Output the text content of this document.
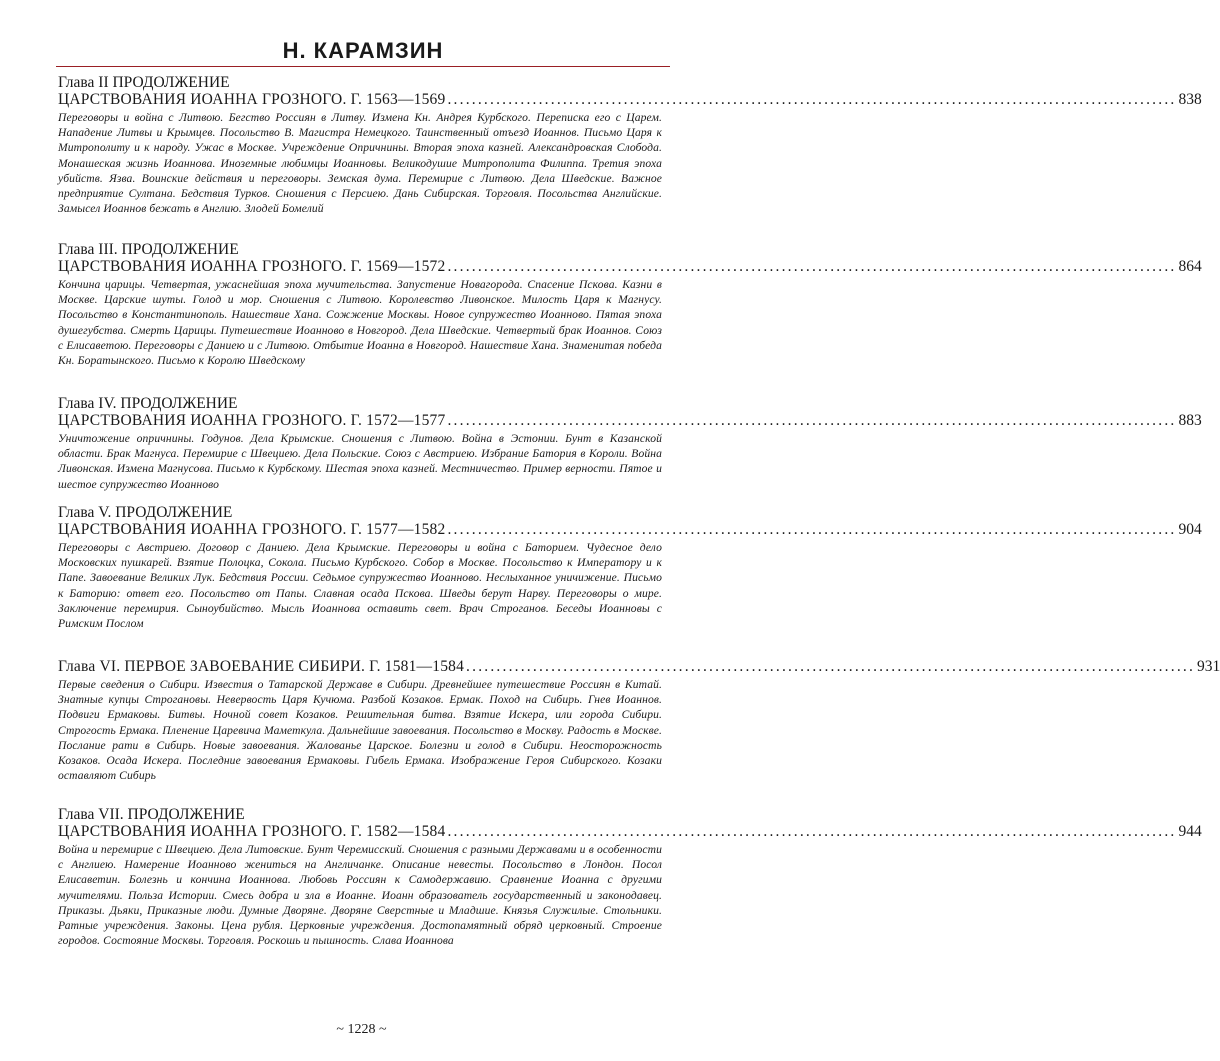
Н. КАРАМЗИН
Глава II ПРОДОЛЖЕНИЕ
ЦАРСТВОВАНИЯ ИОАННА ГРОЗНОГО. Г. 1563—1569 ........................................................................................................................ 838
Переговоры и война с Литвою. Бегство Россиян в Литву. Измена Кн. Андрея Курбского. Переписка его с Царем. Нападение Литвы и Крымцев. Посольство В. Магистра Немецкого. Таинственный отъезд Иоаннов. Письмо Царя к Митрополиту и к народу. Ужас в Москве. Учреждение Опричнины. Вторая эпоха казней. Александровская Слобода. Монашеская жизнь Иоаннова. Иноземные любимцы Иоанновы. Великодушие Митрополита Филиппа. Третия эпоха убийств. Язва. Воинские действия и переговоры. Земская дума. Перемирие с Литвою. Дела Шведские. Важное предприятие Султана. Бедствия Турков. Сношения с Персиею. Дань Сибирская. Торговля. Посольства Английские. Замысел Иоаннов бежать в Англию. Злодей Бомелий
Глава III. ПРОДОЛЖЕНИЕ
ЦАРСТВОВАНИЯ ИОАННА ГРОЗНОГО. Г. 1569—1572 ........................................................................................................................ 864
Кончина царицы. Четвертая, ужаснейшая эпоха мучительства. Запустение Новагорода. Спасение Пскова. Казни в Москве. Царские шуты. Голод и мор. Сношения с Литвою. Королевство Ливонское. Милость Царя к Магнусу. Посольство в Константинополь. Нашествие Хана. Сожжение Москвы. Новое супружество Иоанново. Пятая эпоха душегубства. Смерть Царицы. Путешествие Иоанново в Новгород. Дела Шведские. Четвертый брак Иоаннов. Союз с Елисаветою. Переговоры с Даниею и с Литвою. Отбытие Иоанна в Новгород. Нашествие Хана. Знаменитая победа Кн. Боратынского. Письмо к Королю Шведскому
Глава IV. ПРОДОЛЖЕНИЕ
ЦАРСТВОВАНИЯ ИОАННА ГРОЗНОГО. Г. 1572—1577 ........................................................................................................................ 883
Уничтожение опричнины. Годунов. Дела Крымские. Сношения с Литвою. Война в Эстонии. Бунт в Казанской области. Брак Магнуса. Перемирие с Швециею. Дела Польские. Союз с Австриею. Избрание Батория в Короли. Война Ливонская. Измена Магнусова. Письмо к Курбскому. Шестая эпоха казней. Местничество. Пример верности. Пятое и шестое супружество Иоанново
Глава V. ПРОДОЛЖЕНИЕ
ЦАРСТВОВАНИЯ ИОАННА ГРОЗНОГО. Г. 1577—1582 ........................................................................................................................ 904
Переговоры с Австриею. Договор с Даниею. Дела Крымские. Переговоры и война с Баторием. Чудесное дело Московских пушкарей. Взятие Полоцка, Сокола. Письмо Курбского. Собор в Москве. Посольство к Императору и к Папе. Завоевание Великих Лук. Бедствия России. Седьмое супружество Иоанново. Неслыханное уничижение. Письмо к Баторию: ответ его. Посольство от Папы. Славная осада Пскова. Шведы берут Нарву. Переговоры о мире. Заключение перемирия. Сыноубийство. Мысль Иоаннова оставить свет. Врач Строганов. Беседы Иоанновы с Римским Послом
Глава VI. ПЕРВОЕ ЗАВОЕВАНИЕ СИБИРИ. Г. 1581—1584 ........................................................................................................................ 931
Первые сведения о Сибири. Известия о Татарской Державе в Сибири. Древнейшее путешествие Россиян в Китай. Знатные купцы Строгановы. Невервость Царя Кучюма. Разбой Козаков. Ермак. Поход на Сибирь. Гнев Иоаннов. Подвиги Ермаковы. Битвы. Ночной совет Козаков. Решительная битва. Взятие Искера, или города Сибири. Строгость Ермака. Пленение Царевича Маметкула. Дальнейшие завоевания. Посольство в Москву. Радость в Москве. Послание рати в Сибирь. Новые завоевания. Жалованье Царское. Болезни и голод в Сибири. Неосторожность Козаков. Осада Искера. Последние завоевания Ермаковы. Гибель Ермака. Изображение Героя Сибирского. Козаки оставляют Сибирь
Глава VII. ПРОДОЛЖЕНИЕ
ЦАРСТВОВАНИЯ ИОАННА ГРОЗНОГО. Г. 1582—1584 ........................................................................................................................ 944
Война и перемирие с Швециею. Дела Литовские. Бунт Черемисский. Сношения с разными Державами и в особенности с Англиею. Намерение Иоанново жениться на Англичанке. Описание невесты. Посольство в Лондон. Посол Елисаветин. Болезнь и кончина Иоаннова. Любовь Россиян к Самодержавию. Сравнение Иоанна с другими мучителями. Польза Истории. Смесь добра и зла в Иоанне. Иоанн образователь государственный и законодавец. Приказы. Дьяки, Приказные люди. Думные Дворяне. Дворяне Сверстные и Младшие. Князья Служилые. Стольники. Ратные учреждения. Законы. Цена рубля. Церковные учреждения. Достопамятный обряд церковный. Строение городов. Состояние Москвы. Торговля. Роскошь и пышность. Слава Иоаннова
~ 1228 ~
